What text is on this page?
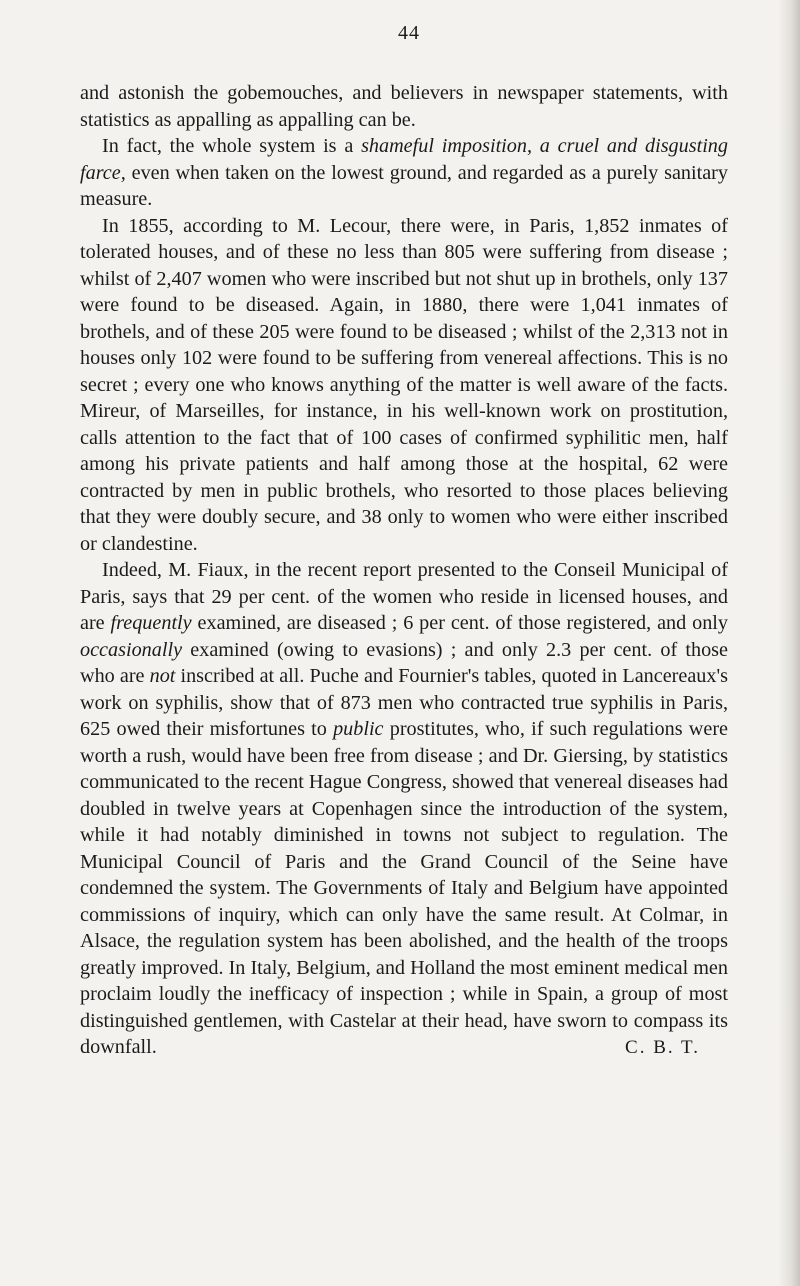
44

and astonish the gobemouches, and believers in newspaper statements, with statistics as appalling as appalling can be.

In fact, the whole system is a shameful imposition, a cruel and disgusting farce, even when taken on the lowest ground, and regarded as a purely sanitary measure.

In 1855, according to M. Lecour, there were, in Paris, 1,852 inmates of tolerated houses, and of these no less than 805 were suffering from disease ; whilst of 2,407 women who were inscribed but not shut up in brothels, only 137 were found to be diseased. Again, in 1880, there were 1,041 inmates of brothels, and of these 205 were found to be diseased ; whilst of the 2,313 not in houses only 102 were found to be suffering from venereal affections. This is no secret ; every one who knows anything of the matter is well aware of the facts. Mireur, of Marseilles, for instance, in his well-known work on prostitution, calls attention to the fact that of 100 cases of confirmed syphilitic men, half among his private patients and half among those at the hospital, 62 were contracted by men in public brothels, who resorted to those places believing that they were doubly secure, and 38 only to women who were either inscribed or clandestine.

Indeed, M. Fiaux, in the recent report presented to the Conseil Municipal of Paris, says that 29 per cent. of the women who reside in licensed houses, and are frequently examined, are diseased ; 6 per cent. of those registered, and only occasionally examined (owing to evasions) ; and only 2.3 per cent. of those who are not inscribed at all. Puche and Fournier's tables, quoted in Lancereaux's work on syphilis, show that of 873 men who contracted true syphilis in Paris, 625 owed their misfortunes to public prostitutes, who, if such regulations were worth a rush, would have been free from disease ; and Dr. Giersing, by statistics communicated to the recent Hague Congress, showed that venereal diseases had doubled in twelve years at Copenhagen since the introduction of the system, while it had notably diminished in towns not subject to regulation. The Municipal Council of Paris and the Grand Council of the Seine have condemned the system. The Governments of Italy and Belgium have appointed commissions of inquiry, which can only have the same result. At Colmar, in Alsace, the regulation system has been abolished, and the health of the troops greatly improved. In Italy, Belgium, and Holland the most eminent medical men proclaim loudly the inefficacy of inspection ; while in Spain, a group of most distinguished gentlemen, with Castelar at their head, have sworn to compass its downfall.	C. B. T.
